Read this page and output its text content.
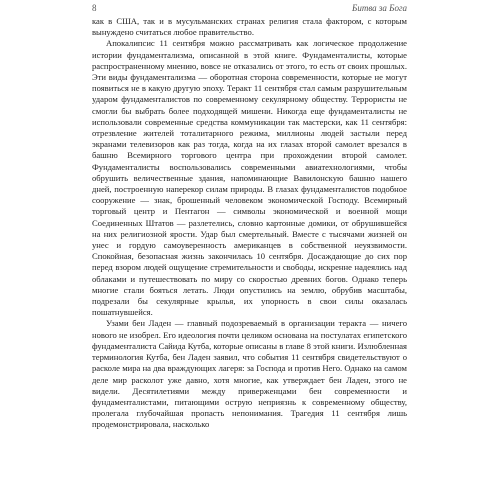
8	Битва за Бога

как в США, так и в мусульманских странах религия стала фактором, с которым вынуждено считаться любое правительство.

Апокалипсис 11 сентября можно рассматривать как логическое продолжение истории фундаментализма, описанной в этой книге. Фундаменталисты, которые распространенному мнению, вовсе не отказались от этого, то есть от своих прошлых. Эти виды фундаментализма — оборотная сторона современности, которые не могут появиться не в какую другую эпоху. Теракт 11 сентября стал самым разрушительным ударом фундаменталистов по современному секулярному обществу. Террористы не смогли бы выбрать более подходящей мишени. Никогда еще фундаменталисты не использовали современные средства коммуникации так мастерски, как 11 сентября: отрезвление жителей тоталитарного режима, миллионы людей застыли перед экранами телевизоров как раз тогда, когда на их глазах второй самолет врезался в башню Всемирного торгового центра при прохождении второй самолет. Фундаменталисты воспользовались современными авиатехнологиями, чтобы обрушить величественные здания, напоминающие Вавилонскую башню нашего дней, построенную наперекор силам природы. В глазах фундаменталистов подобное сооружение — знак, брошенный человеком экономической Господу. Всемирный торговый центр и Пентагон — символы экономической и военной мощи Соединенных Штатов — разлетелись, словно картонные домики, от обрушившейся на них религиозной ярости. Удар был смертельный. Вместе с тысячами жизней он унес и гордую самоуверенность американцев в собственной неуязвимости. Спокойная, безопасная жизнь закончилась 10 сентября. Досаждающие до сих пор перед взором людей ощущение стремительности и свободы, искренне надеялись над облаками и путешествовать по миру со скоростью древних богов. Однако теперь многие стали бояться летать. Люди опустились на землю, обрубив масштабы, подрезали бы секулярные крылья, их упорность в свои силы оказалась пошатнувшейся.

Узами бен Ладен — главный подозреваемый в организации теракта — ничего нового не изобрел. Его идеология почти целиком основана на постулатах египетского фундаменталиста Сайида Кутба, которые описаны в главе 8 этой книги. Излюбленная терминология Кутба, бен Ладен заявил, что события 11 сентября свидетельствуют о расколе мира на два враждующих лагеря: за Господа и против Него. Однако на самом деле мир расколот уже давно, хотя многие, как утверждает бен Ладен, этого не видели. Десятилетиями между приверженцами бен современности и фундаменталистами, питающими острую неприязнь к современному обществу, пролегала глубочайшая пропасть непонимания. Трагедия 11 сентября лишь продемонстрировала, насколько
